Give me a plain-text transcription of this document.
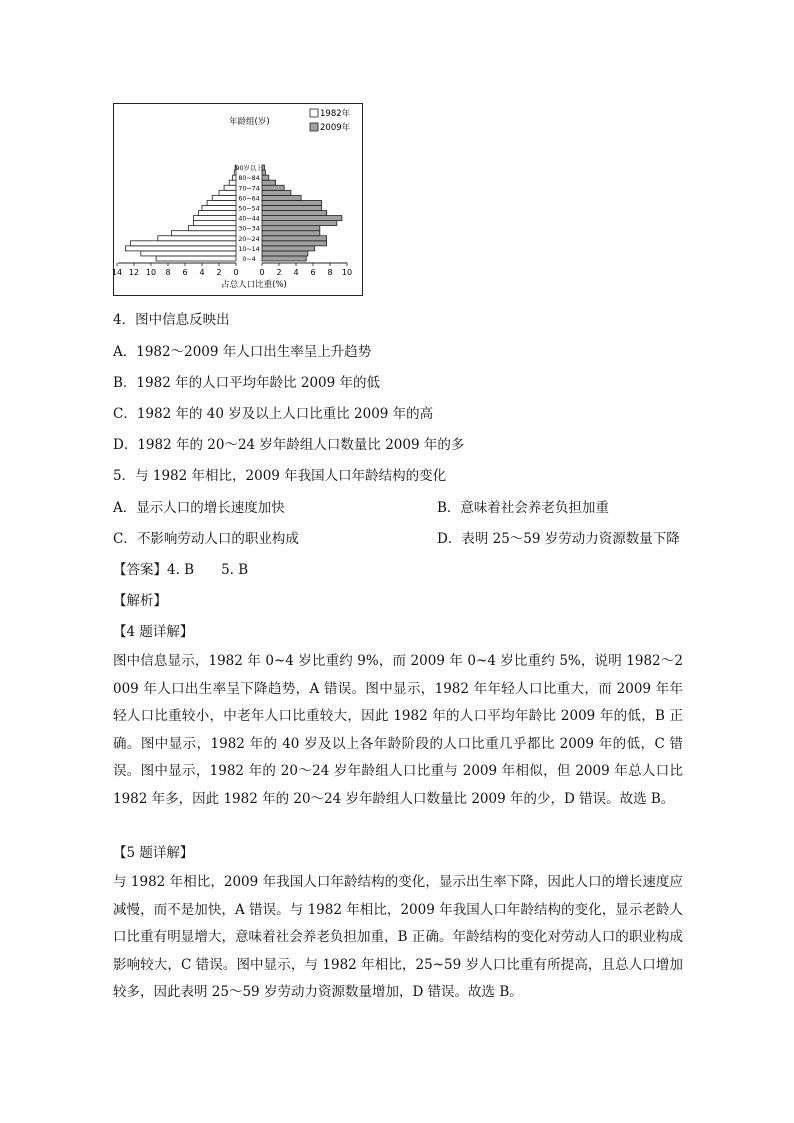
0~4
10~14
20~24
30~34
40~44
50~54
60~64
70~74
80~84
90岁以上
14 12 10 8 6 4 2 0	0 2 4 6 8 10
年龄组(岁)
占总人口比重(%)
1982年
2009年
4．图中信息反映出
A．1982～2009 年人口出生率呈上升趋势
B．1982 年的人口平均年龄比 2009 年的低
C．1982 年的 40 岁及以上人口比重比 2009 年的高
D．1982 年的 20～24 岁年龄组人口数量比 2009 年的多
5．与 1982 年相比，2009 年我国人口年龄结构的变化
A．显示人口的增长速度加快	B．意味着社会养老负担加重
C．不影响劳动人口的职业构成	D．表明 25～59 岁劳动力资源数量下降
【答案】4. B　　5. B
【解析】
【4 题详解】
图中信息显示，1982 年 0~4 岁比重约 9%，而 2009 年 0~4 岁比重约 5%，说明 1982～2009 年人口出生率呈下降趋势，A 错误。图中显示，1982 年年轻人口比重大，而 2009 年年轻人口比重较小，中老年人口比重较大，因此 1982 年的人口平均年龄比 2009 年的低，B 正确。图中显示，1982 年的 40 岁及以上各年龄阶段的人口比重几乎都比 2009 年的低，C 错误。图中显示，1982 年的 20～24 岁年龄组人口比重与 2009 年相似，但 2009 年总人口比 1982 年多，因此 1982 年的 20～24 岁年龄组人口数量比 2009 年的少，D 错误。故选 B。
【5 题详解】
与 1982 年相比，2009 年我国人口年龄结构的变化，显示出生率下降，因此人口的增长速度应减慢，而不是加快，A 错误。与 1982 年相比，2009 年我国人口年龄结构的变化，显示老龄人口比重有明显增大，意味着社会养老负担加重，B 正确。年龄结构的变化对劳动人口的职业构成影响较大，C 错误。图中显示，与 1982 年相比，25~59 岁人口比重有所提高，且总人口增加较多，因此表明 25～59 岁劳动力资源数量增加，D 错误。故选 B。
